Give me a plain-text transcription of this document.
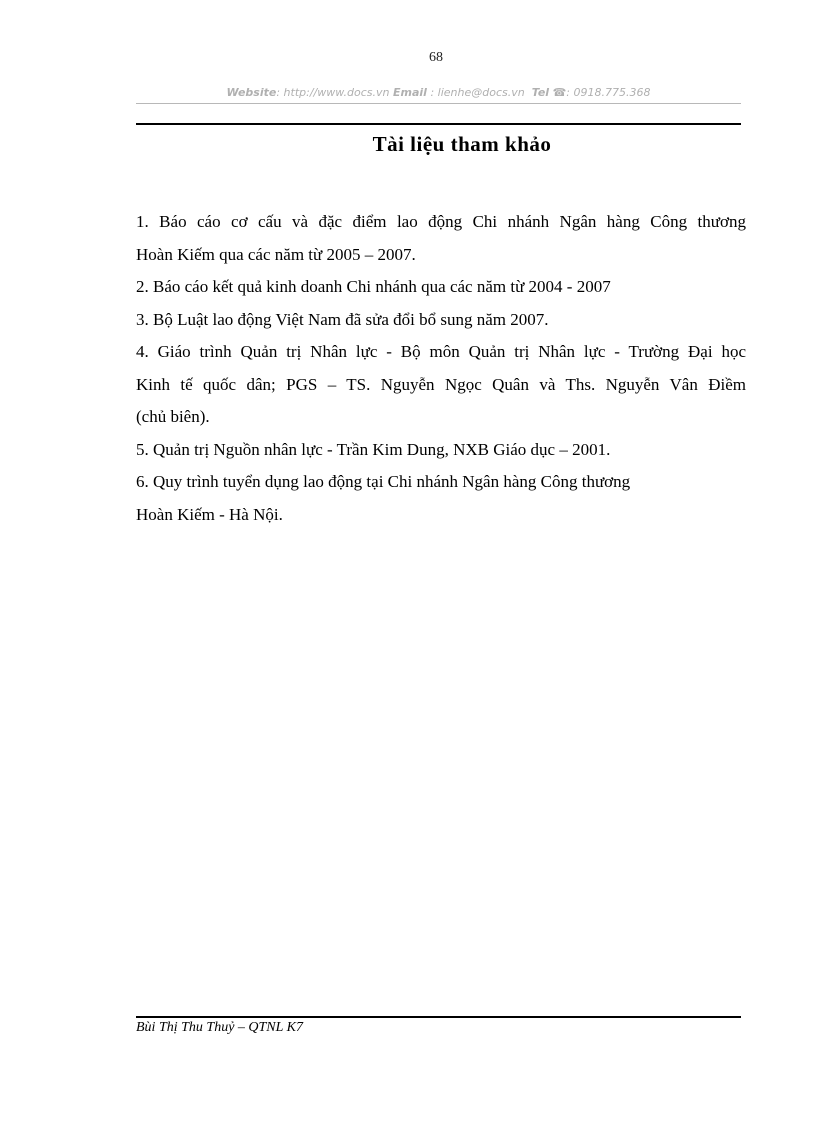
68
Website: http://www.docs.vn Email : lienhe@docs.vn Tel ☎: 0918.775.368
Tài liệu tham khảo
1. Báo cáo cơ cấu và đặc điểm lao động Chi nhánh Ngân hàng Công thương
Hoàn Kiếm qua các năm từ 2005 – 2007.
2. Báo cáo kết quả kinh doanh Chi nhánh qua các năm từ 2004 - 2007
3. Bộ Luật lao động Việt Nam đã sửa đổi bổ sung năm 2007.
4. Giáo trình Quản trị Nhân lực - Bộ môn Quản trị Nhân lực - Trường Đại học
Kinh tế quốc dân; PGS – TS. Nguyễn Ngọc Quân và Ths. Nguyễn Vân Điềm
(chủ biên).
5. Quản trị Nguồn nhân lực - Trần Kim Dung, NXB Giáo dục – 2001.
6. Quy trình tuyển dụng lao động tại Chi nhánh Ngân hàng Công thương
Hoàn Kiếm - Hà Nội.
Bùi Thị Thu Thuỷ – QTNL K7
